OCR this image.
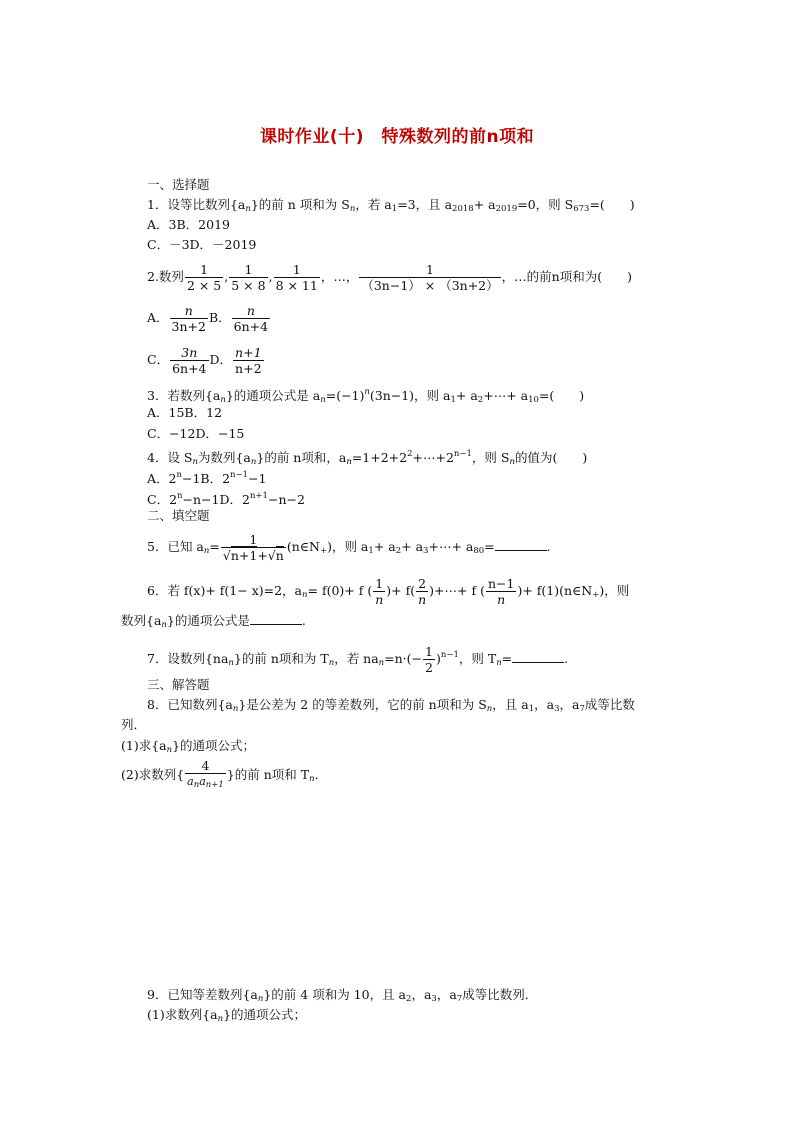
课时作业(十)　特殊数列的前n项和
一、选择题
1．设等比数列$\{a_n\}$的前 n 项和为 $S_n$，若 $a_1=3$，且 $a_{2018}+ a_{2019}=0$，则 $S_{673}=$(　　)
A．3B．2019
C．－3D．－2019
2.数列 $\frac{1}{2 \times 5}$ , $\frac{1}{5 \times 8}$ , $\frac{1}{8 \times 11}$ ，…， $\frac{1}{(3n-1) \times (3n+2)}$ ，…的前n项和为(　　)
A． $\frac{n}{3n+2}$ B． $\frac{n}{6n+4}$
C． $\frac{3n}{6n+4}$ D． $\frac{n+1}{n+2}$
3．若数列$\{a_n\}$的通项公式是 $a_n=(-1)^n(3n-1)$，则 $a_1+$ $a_2+\cdots+ a_{10}=$(　　)
A．15B．12
C．−12D．−15
4．设 $S_n$为数列$\{a_n\}$的前 n项和，$a_n=1+2+2^2+\cdots+2^{n-1}$，则 $S_n$的值为(　　)
A．$2^n-1B$．$2^{n-1}-1$
C．$2^n-n-1D$．$2^{n+1}-n-2$
二、填空题
5．已知 $a_n= \frac{1}{√n+1+√n}$ $(n\in N_+)$，则 $a_1+ a_2+$ $a_3+\cdots+ a_{80}=$	.
6．若 f(x)+ f(1− x)=2，$a_n= f(0)+ f$ ( $\frac{1}{n}$ )+ $f( \frac{2}{n}$ )+⋯+ f ( $\frac{n-1}{n}$ )+ $f(1)(n\in N_+)$，则
数列$\{a_n\}$的通项公式是	.
7．设数列$\{na_n\}$的前 n项和为 $T_n$，若 $na_n=n\cdot(- \frac{1}{2} )^{n-1}$，则 $T_n=$	.
三、解答题
8．已知数列$\{a_n\}$是公差为 2 的等差数列，它的前 n项和为 $S_n$，且 $a_1$，$a_3$，$a_7$成等比数
列．
(1)求$\{a_n\}$的通项公式；
(2)求数列{ $\frac{4}{a_na_{n+1}}$ }的前 n项和 $T_n$.
9．已知等差数列$\{a_n\}$的前 4 项和为 10，且 $a_2$，$a_3$，$a_7$成等比数列．
(1)求数列$\{a_n\}$的通项公式；
